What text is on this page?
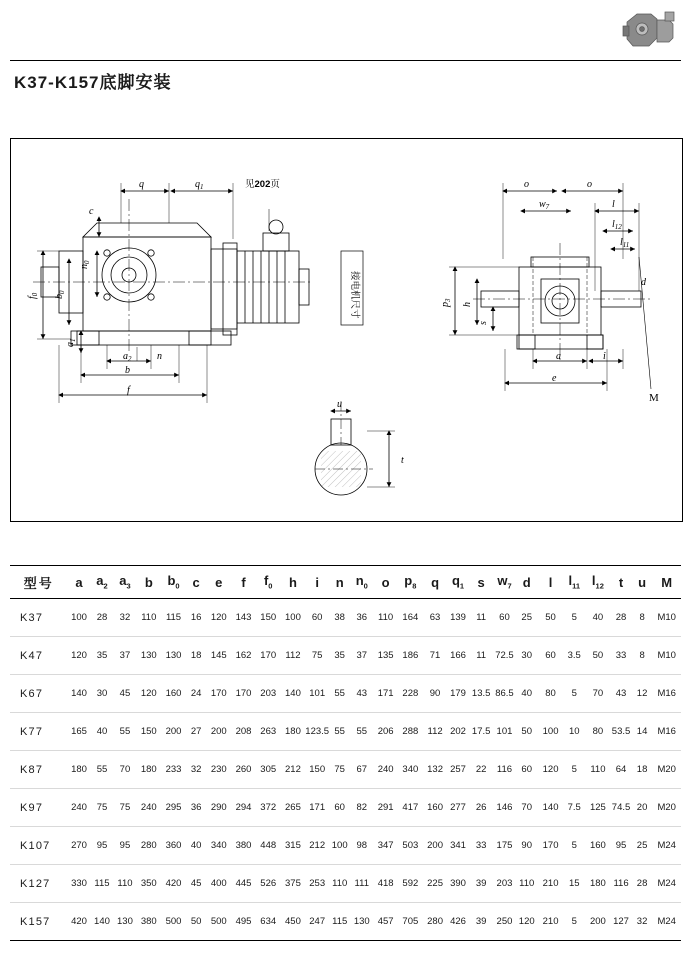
K37-K157底脚安装
q	$q_1$
c
$n_0$
$f_0$ $b_0$
$a_1$
$a_2$	n
b
f
u
t
o	o
$w_7$	l
$l_{12}$
$l_{11}$
$p_3$
h
s
d
a	i
e
M
见202页
接电机尺寸
型号	a	$a_2$	$a_3$	b	$b_0$	c	e	f	$f_0$	h	i	n	$n_0$	o	$p_8$	q	$q_1$	s	$w_7$	d	l	$l_{11}$	$l_{12}$	t	u	M
K37	100	28	32	110	115	16	120	143	150	100	60	38	36	110	164	63	139	11	60	25	50	5	40	28	8	M10
K47	120	35	37	130	130	18	145	162	170	112	75	35	37	135	186	71	166	11	72.5	30	60	3.5	50	33	8	M10
K67	140	30	45	120	160	24	170	170	203	140	101	55	43	171	228	90	179	13.5	86.5	40	80	5	70	43	12	M16
K77	165	40	55	150	200	27	200	208	263	180	123.5	55	55	206	288	112	202	17.5	101	50	100	10	80	53.5	14	M16
K87	180	55	70	180	233	32	230	260	305	212	150	75	67	240	340	132	257	22	116	60	120	5	110	64	18	M20
K97	240	75	75	240	295	36	290	294	372	265	171	60	82	291	417	160	277	26	146	70	140	7.5	125	74.5	20	M20
K107	270	95	95	280	360	40	340	380	448	315	212	100	98	347	503	200	341	33	175	90	170	5	160	95	25	M24
K127	330	115	110	350	420	45	400	445	526	375	253	110	111	418	592	225	390	39	203	110	210	15	180	116	28	M24
K157	420	140	130	380	500	50	500	495	634	450	247	115	130	457	705	280	426	39	250	120	210	5	200	127	32	M24
